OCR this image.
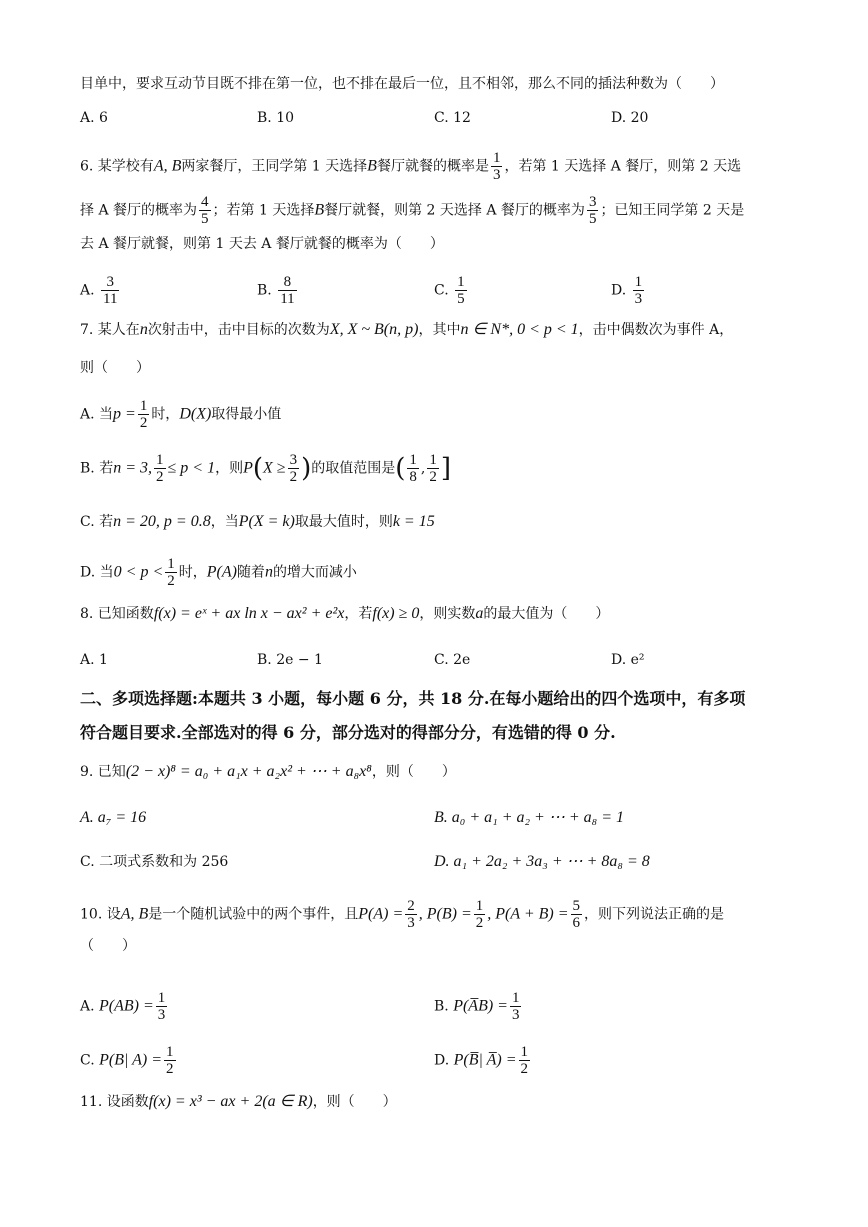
目单中，要求互动节目既不排在第一位，也不排在最后一位，且不相邻，那么不同的插法种数为（　　）
A. 6	B. 10	C. 12	D. 20
6. 某学校有A, B两家餐厅，王同学第 1 天选择B餐厅就餐的概率是 $\frac{1}{3}$ ，若第 1 天选择 A 餐厅，则第 2 天选
择 A 餐厅的概率为 $\frac{4}{5}$ ；若第 1 天选择B餐厅就餐，则第 2 天选择 A 餐厅的概率为 $\frac{3}{5}$ ；已知王同学第 2 天是
去 A 餐厅就餐，则第 1 天去 A 餐厅就餐的概率为（　　）
A. $\frac{3}{11}$	B. $\frac{8}{11}$	C. $\frac{1}{5}$	D. $\frac{1}{3}$
7. 某人在n次射击中，击中目标的次数为X, X ~ B(n, p)，其中n ∈ N*, 0 < p < 1，击中偶数次为事件 A，
则（　　）
A. 当$p = \frac{1}{2}$ 时，D(X)取得最小值
B. 若n = 3, $\frac{1}{2} \le p < 1$，则$P(X \ge \frac{3}{2}$ )的取值范围是( $\frac{1}{8}$ , $\frac{1}{2}$ ]
C. 若n = 20, p = 0.8，当P(X = k)取最大值时，则k = 15
D. 当$0 < p < \frac{1}{2}$ 时，P(A)随着n的增大而减小
8. 已知函数f(x) = eˣ + ax ln x − ax² + e²x，若f(x) ≥ 0，则实数a的最大值为（　　）
A. 1	B. 2e − 1	C. 2e	D. e²
二、多项选择题:本题共 3 小题，每小题 6 分，共 18 分.在每小题给出的四个选项中，有多项
符合题目要求.全部选对的得 6 分，部分选对的得部分分，有选错的得 0 分.
9. 已知(2 − x)⁸ = a₀ + a₁x + a₂x² + ⋯ + a₈x⁸，则（　　）
A. a₇ = 16	B. a₀ + a₁ + a₂ + ⋯ + a₈ = 1
C. 二项式系数和为 256	D. a₁ + 2a₂ + 3a₃ + ⋯ + 8a₈ = 8
10. 设A, B是一个随机试验中的两个事件，且$P(A) = \frac{2}{3}$ , $P(B) = \frac{1}{2}$ , $P(A + B) = \frac{5}{6}$ ，则下列说法正确的是
（　　）
A. $P(AB) = \frac{1}{3}$	B. P(A̅B) = $\frac{1}{3}$
C. P(B| $A) = \frac{1}{2}$	D. P(B̅| A̅) = $\frac{1}{2}$
11. 设函数f(x) = x³ − ax + 2(a ∈ R)，则（　　）
